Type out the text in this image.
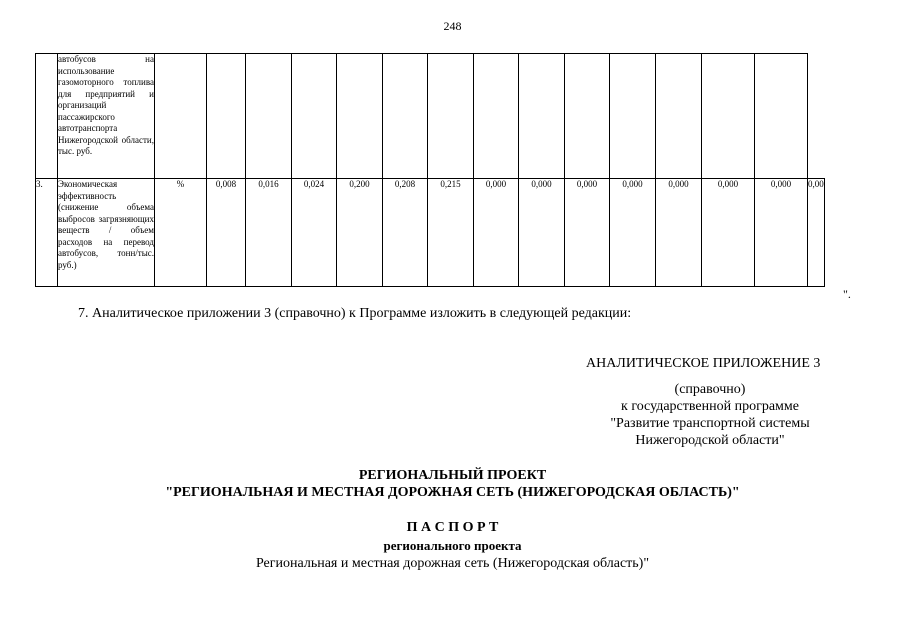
248
	автобусов на использование газомоторного топлива для предприятий и организаций пассажирского автотранспорта Нижегородской области, тыс. руб.															
3.	Экономическая эффективность (снижение объема выбросов загрязняющих веществ / объем расходов на перевод автобусов, тонн/тыс. руб.)	%	0,008	0,016	0,024	0,200	0,208	0,215	0,000	0,000	0,000	0,000	0,000	0,000	0,000	0,00
".
7. Аналитическое приложении 3 (справочно) к Программе изложить в следующей редакции:
АНАЛИТИЧЕСКОЕ ПРИЛОЖЕНИЕ 3
(справочно)
к государственной программе
"Развитие транспортной системы
Нижегородской области"
РЕГИОНАЛЬНЫЙ ПРОЕКТ
"РЕГИОНАЛЬНАЯ И МЕСТНАЯ ДОРОЖНАЯ СЕТЬ (НИЖЕГОРОДСКАЯ ОБЛАСТЬ)"
П А С П О Р Т
регионального проекта
Региональная и местная дорожная сеть (Нижегородская область)"
